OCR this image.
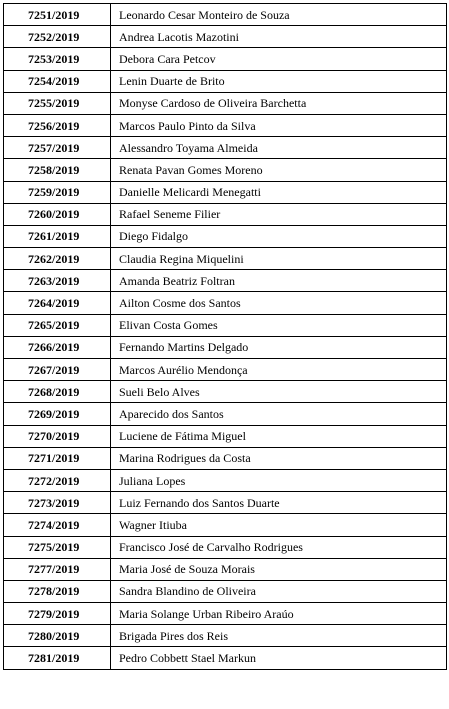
7251/2019	Leonardo Cesar Monteiro de Souza
7252/2019	Andrea Lacotis Mazotini
7253/2019	Debora Cara Petcov
7254/2019	Lenin Duarte de Brito
7255/2019	Monyse Cardoso de Oliveira Barchetta
7256/2019	Marcos Paulo Pinto da Silva
7257/2019	Alessandro Toyama Almeida
7258/2019	Renata Pavan Gomes Moreno
7259/2019	Danielle Melicardi Menegatti
7260/2019	Rafael Seneme Filier
7261/2019	Diego Fidalgo
7262/2019	Claudia Regina Miquelini
7263/2019	Amanda Beatriz Foltran
7264/2019	Ailton Cosme dos Santos
7265/2019	Elivan Costa Gomes
7266/2019	Fernando Martins Delgado
7267/2019	Marcos Aurélio Mendonça
7268/2019	Sueli Belo Alves
7269/2019	Aparecido dos Santos
7270/2019	Luciene de Fátima Miguel
7271/2019	Marina Rodrigues da Costa
7272/2019	Juliana Lopes
7273/2019	Luiz Fernando dos Santos Duarte
7274/2019	Wagner Itiuba
7275/2019	Francisco José de Carvalho Rodrigues
7277/2019	Maria José de Souza Morais
7278/2019	Sandra Blandino de Oliveira
7279/2019	Maria Solange Urban Ribeiro Araúo
7280/2019	Brigada Pires dos Reis
7281/2019	Pedro Cobbett Stael Markun
